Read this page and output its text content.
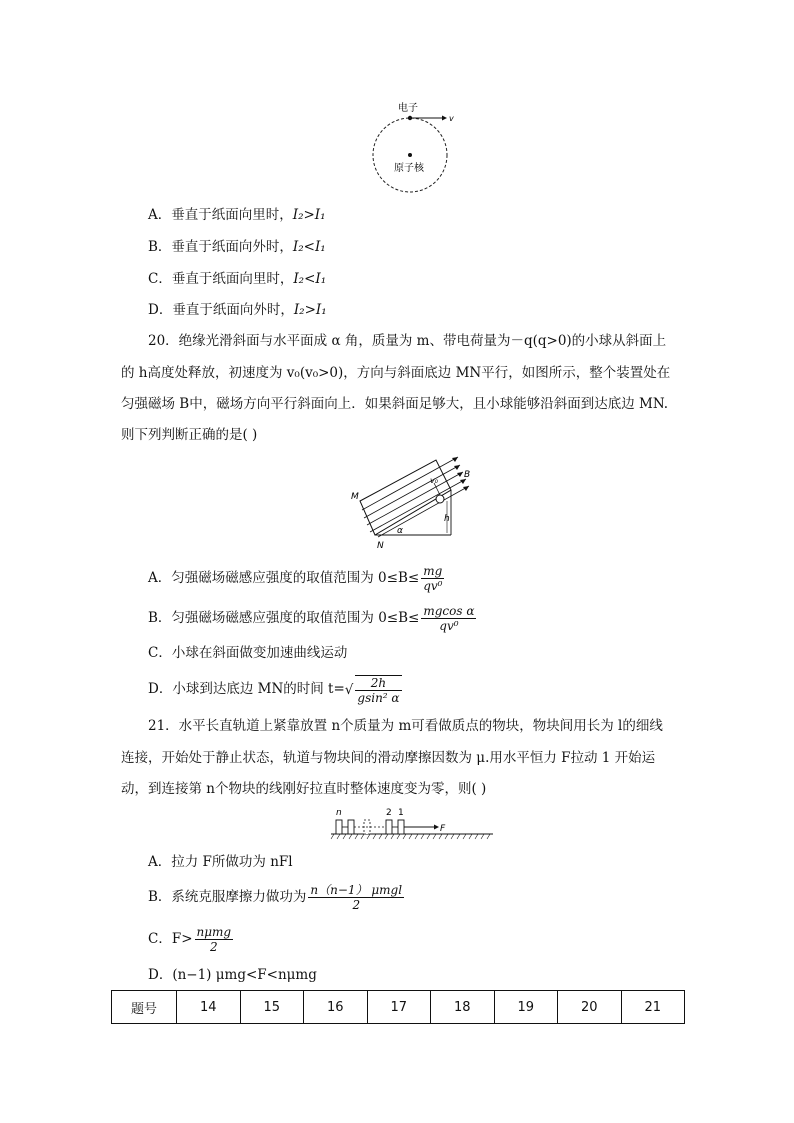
电子
v
原子核
A．垂直于纸面向里时，I₂>I₁
B．垂直于纸面向外时，I₂<I₁
C．垂直于纸面向里时，I₂<I₁
D．垂直于纸面向外时，I₂>I₁
20．绝缘光滑斜面与水平面成 α 角，质量为 m、带电荷量为－q(q>0)的小球从斜面上
的 h高度处释放，初速度为 v₀(v₀>0)，方向与斜面底边 MN平行，如图所示，整个装置处在
匀强磁场 B中，磁场方向平行斜面向上．如果斜面足够大，且小球能够沿斜面到达底边 MN.
则下列判断正确的是( )
M
N
B
v₀
h
α
A．匀强磁场磁感应强度的取值范围为 $0\le B\le \frac{mg}{\text{qv⁰}}$
B．匀强磁场磁感应强度的取值范围为 $0\le B\le \frac{\text{mgcos α}}{\text{qv⁰}}$
C．小球在斜面做变加速曲线运动
D．小球到达底边 MN的时间 $t=√ \frac{2h}{\text{gsin² α}}$
21．水平长直轨道上紧靠放置 n个质量为 m可看做质点的物块，物块间用长为 l的细线
连接，开始处于静止状态，轨道与物块间的滑动摩擦因数为 μ.用水平恒力 F拉动 1 开始运
动，到连接第 n个物块的线刚好拉直时整体速度变为零，则( )
n	2 1
F
A．拉力 F所做功为 nFl
B．系统克服摩擦力做功为 $\frac{\text{n（n−1） μmgl}}{2}$
C．$F> \frac{\text{nμmg}}{2}$
D．(n−1) μmg<F<nμmg
题号	14	15	16	17	18	19	20	21
